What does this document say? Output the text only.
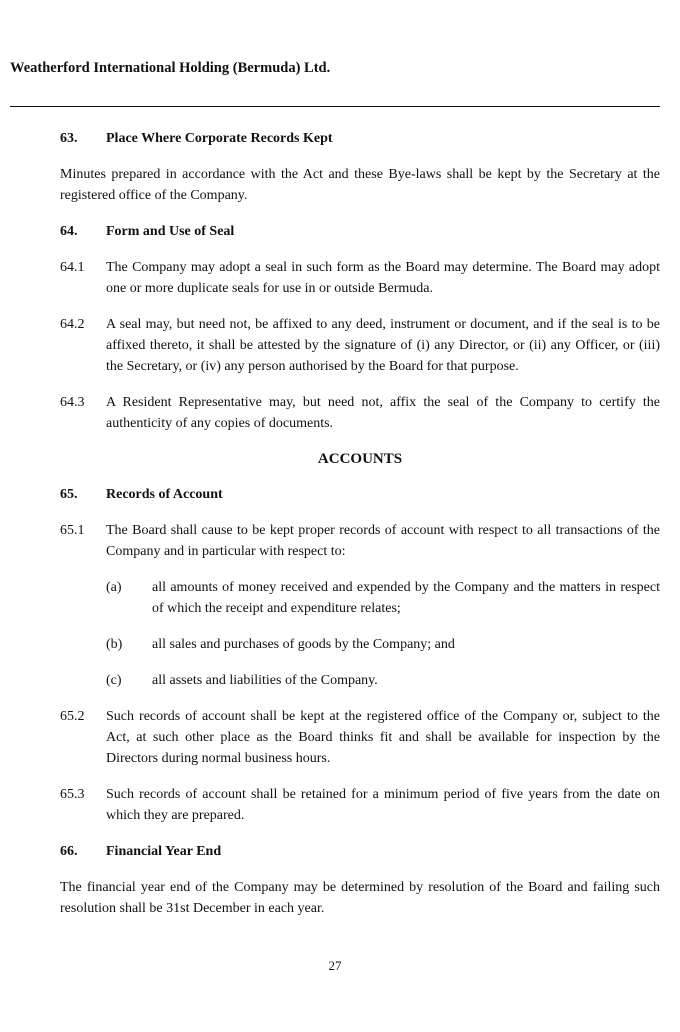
Weatherford International Holding (Bermuda) Ltd.
63.	Place Where Corporate Records Kept

Minutes prepared in accordance with the Act and these Bye-laws shall be kept by the Secretary at the registered office of the Company.

64.	Form and Use of Seal
64.1	The Company may adopt a seal in such form as the Board may determine. The Board may adopt one or more duplicate seals for use in or outside Bermuda.
64.2	A seal may, but need not, be affixed to any deed, instrument or document, and if the seal is to be affixed thereto, it shall be attested by the signature of (i) any Director, or (ii) any Officer, or (iii) the Secretary, or (iv) any person authorised by the Board for that purpose.
64.3	A Resident Representative may, but need not, affix the seal of the Company to certify the authenticity of any copies of documents.
ACCOUNTS
65.	Records of Account
65.1	The Board shall cause to be kept proper records of account with respect to all transactions of the Company and in particular with respect to:
(a)	all amounts of money received and expended by the Company and the matters in respect of which the receipt and expenditure relates;
(b)	all sales and purchases of goods by the Company; and
(c)	all assets and liabilities of the Company.
65.2	Such records of account shall be kept at the registered office of the Company or, subject to the Act, at such other place as the Board thinks fit and shall be available for inspection by the Directors during normal business hours.
65.3	Such records of account shall be retained for a minimum period of five years from the date on which they are prepared.
66.	Financial Year End

The financial year end of the Company may be determined by resolution of the Board and failing such resolution shall be 31st December in each year.

27
